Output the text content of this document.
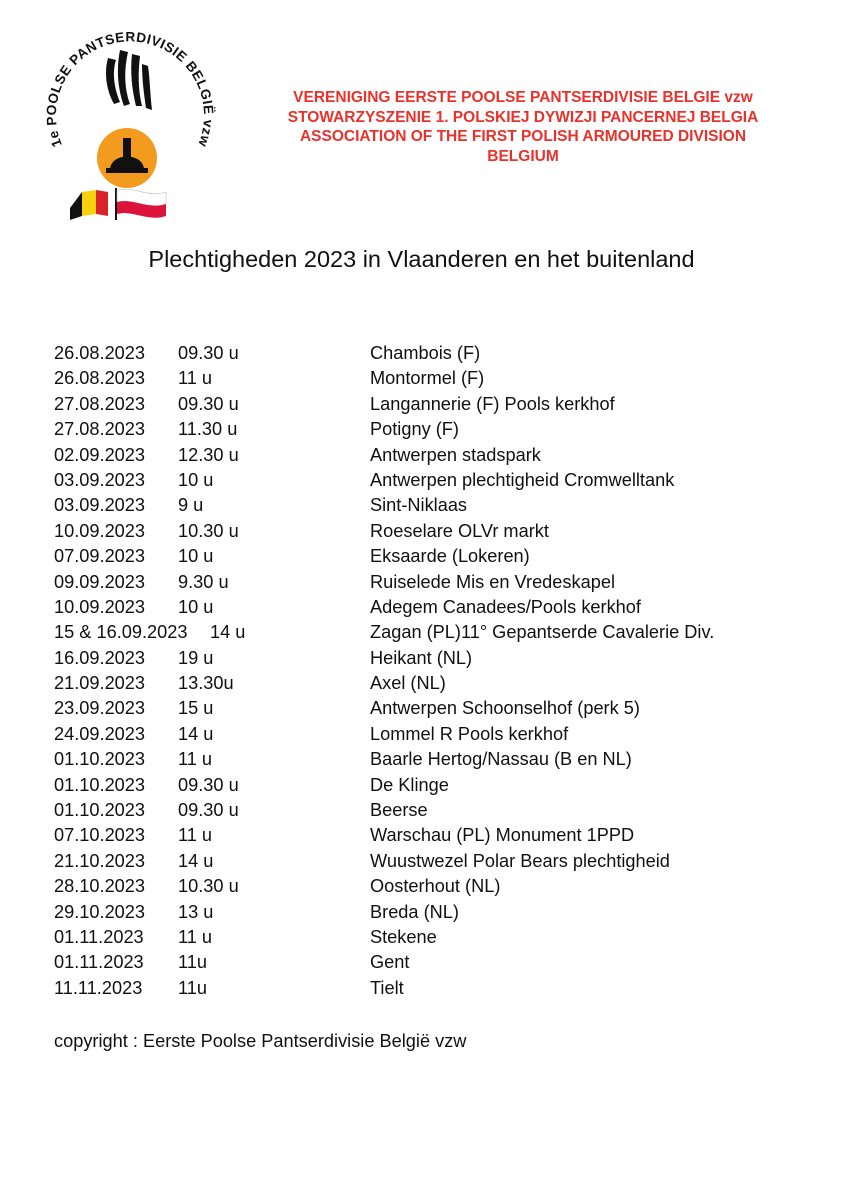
1e POOLSE PANTSERDIVISIE BELGIË vzw
VERENIGING EERSTE POOLSE PANTSERDIVISIE BELGIE vzw
STOWARZYSZENIE 1. POLSKIEJ DYWIZJI PANCERNEJ BELGIA
ASSOCIATION OF THE FIRST POLISH ARMOURED DIVISION
BELGIUM
Plechtigheden 2023 in Vlaanderen en het buitenland
26.08.2023 09.30 u	Chambois (F)
26.08.2023 11 u	Montormel (F)
27.08.2023 09.30 u	Langannerie (F) Pools kerkhof
27.08.2023 11.30 u	Potigny (F)
02.09.2023 12.30 u	Antwerpen stadspark
03.09.2023 10 u	Antwerpen plechtigheid Cromwelltank
03.09.2023 9 u	Sint-Niklaas
10.09.2023 10.30 u	Roeselare OLVr markt
07.09.2023 10 u	Eksaarde (Lokeren)
09.09.2023 9.30 u	Ruiselede Mis en Vredeskapel
10.09.2023 10 u	Adegem Canadees/Pools kerkhof
15 & 16.09.2023 14 u	Zagan (PL)11° Gepantserde Cavalerie Div.
16.09.2023 19 u	Heikant (NL)
21.09.2023 13.30u	Axel (NL)
23.09.2023 15 u	Antwerpen Schoonselhof (perk 5)
24.09.2023 14 u	Lommel R Pools kerkhof
01.10.2023 11 u	Baarle Hertog/Nassau (B en NL)
01.10.2023 09.30 u	De Klinge
01.10.2023 09.30 u	Beerse
07.10.2023 11 u	Warschau (PL) Monument 1PPD
21.10.2023 14 u	Wuustwezel Polar Bears plechtigheid
28.10.2023 10.30 u	Oosterhout (NL)
29.10.2023 13 u	Breda (NL)
01.11.2023 11 u	Stekene
01.11.2023 11u	Gent
11.11.2023 11u	Tielt
copyright : Eerste Poolse Pantserdivisie België vzw
